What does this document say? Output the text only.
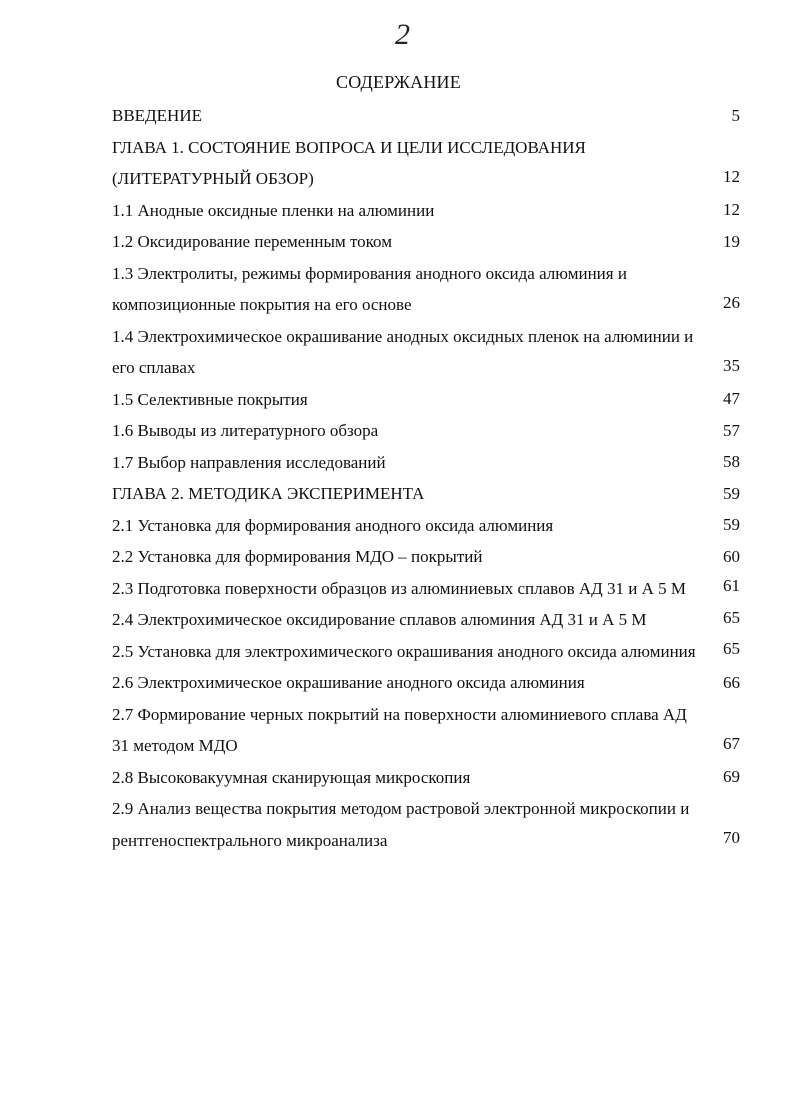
2
СОДЕРЖАНИЕ

ВВЕДЕНИЕ	5

ГЛАВА 1. СОСТОЯНИЕ ВОПРОСА И ЦЕЛИ ИССЛЕДОВАНИЯ (ЛИТЕРАТУРНЫЙ ОБЗОР)	12

1.1 Анодные оксидные пленки на алюминии	12

1.2 Оксидирование переменным током	19

1.3 Электролиты, режимы формирования анодного оксида алюминия и композиционные покрытия на его основе	26

1.4 Электрохимическое окрашивание анодных оксидных пленок на алюминии и его сплавах	35

1.5 Селективные покрытия	47

1.6 Выводы из литературного обзора	57

1.7 Выбор направления исследований	58

ГЛАВА 2. МЕТОДИКА ЭКСПЕРИМЕНТА	59

2.1 Установка для формирования анодного оксида алюминия	59

2.2 Установка для формирования МДО – покрытий	60

2.3 Подготовка поверхности образцов из алюминиевых сплавов АД 31 и А 5 М	61

2.4 Электрохимическое оксидирование сплавов алюминия АД 31 и А 5 М	65

2.5 Установка для электрохимического окрашивания анодного оксида алюминия	65

2.6 Электрохимическое окрашивание анодного оксида алюминия	66

2.7 Формирование черных покрытий на поверхности алюминиевого сплава АД 31 методом МДО	67

2.8 Высоковакуумная сканирующая микроскопия	69

2.9 Анализ вещества покрытия методом растровой электронной микроскопии и рентгеноспектрального микроанализа	70
